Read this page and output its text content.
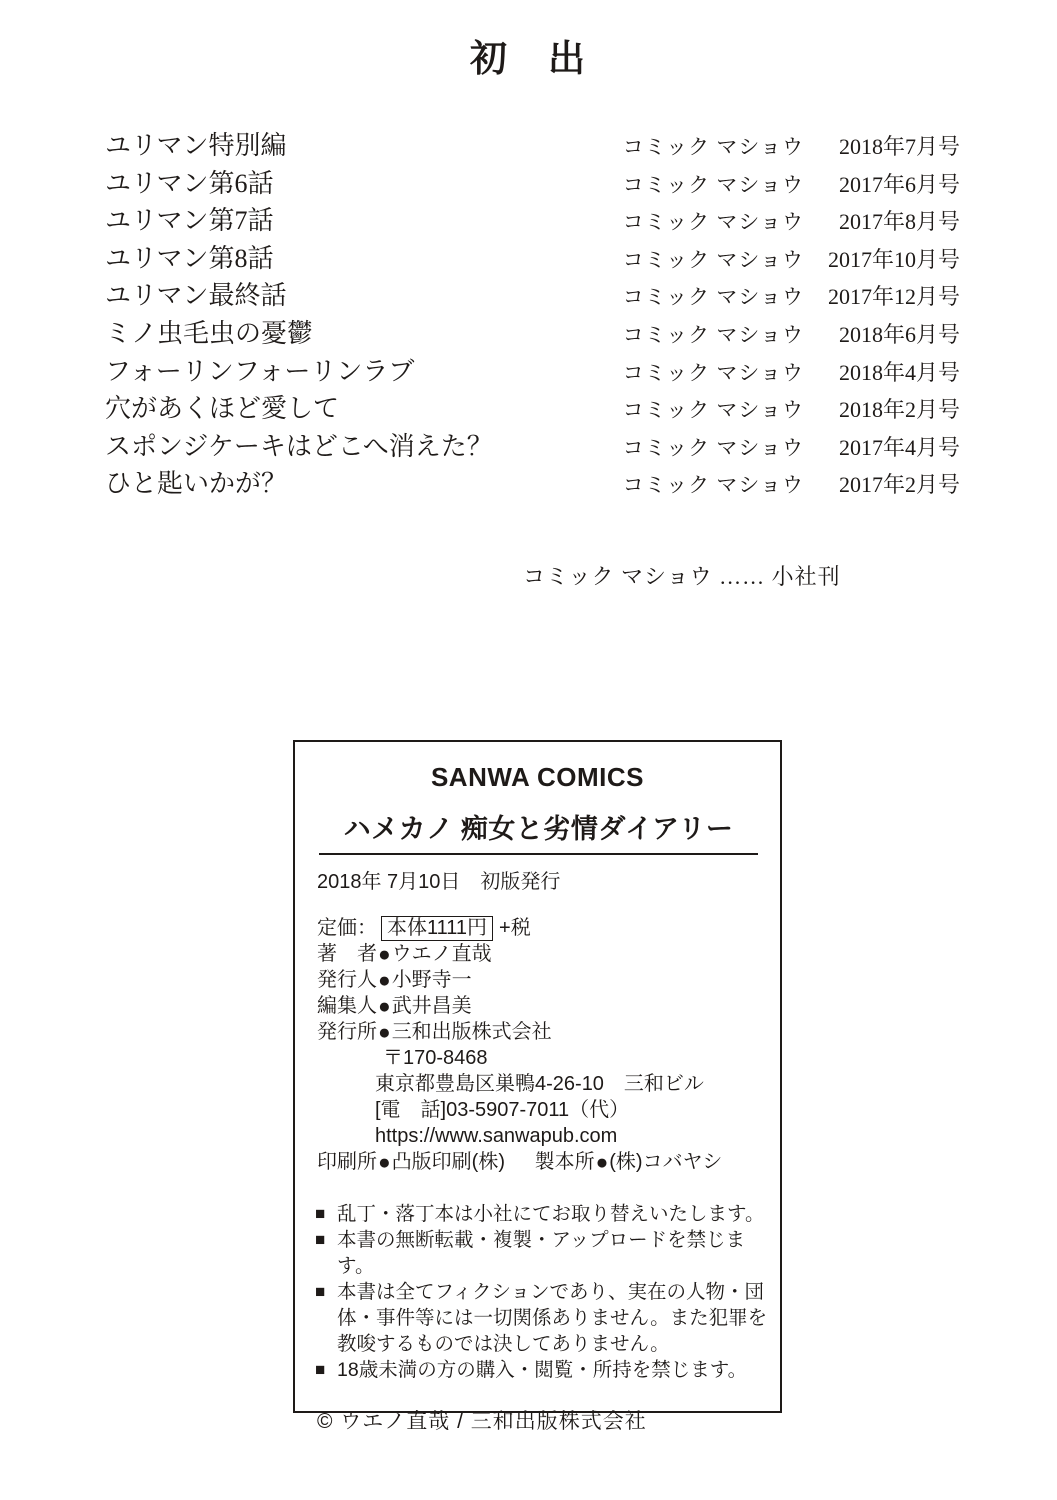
初　出
ユリマン特別編	コミック マショウ	2018年7月号
ユリマン第6話	コミック マショウ	2017年6月号
ユリマン第7話	コミック マショウ	2017年8月号
ユリマン第8話	コミック マショウ 2017年10月号
ユリマン最終話	コミック マショウ 2017年12月号
ミノ虫毛虫の憂鬱	コミック マショウ	2018年6月号
フォーリンフォーリンラブ	コミック マショウ	2018年4月号
穴があくほど愛して	コミック マショウ	2018年2月号
スポンジケーキはどこへ消えた？	コミック マショウ	2017年4月号
ひと匙いかが？	コミック マショウ	2017年2月号
コミック マショウ …… 小社刊
SANWA COMICS
ハメカノ 痴女と劣情ダイアリー
2018年 7月10日　初版発行
定価： 本体1111円 +税
著　者●ウエノ直哉
発行人●小野寺一
編集人●武井昌美
発行所●三和出版株式会社
〒170-8468
東京都豊島区巣鴨4-26-10　三和ビル
[電　話]03-5907-7011（代）
https://www.sanwapub.com
印刷所●凸版印刷(株) 製本所●(株)コバヤシ
■ 乱丁・落丁本は小社にてお取り替えいたします。
■ 本書の無断転載・複製・アップロードを禁じます。
■ 本書は全てフィクションであり、実在の人物・団体・事件等には一切関係ありません。また犯罪を教唆するものでは決してありません。
■ 18歳未満の方の購入・閲覧・所持を禁じます。
© ウエノ直哉 / 三和出版株式会社
